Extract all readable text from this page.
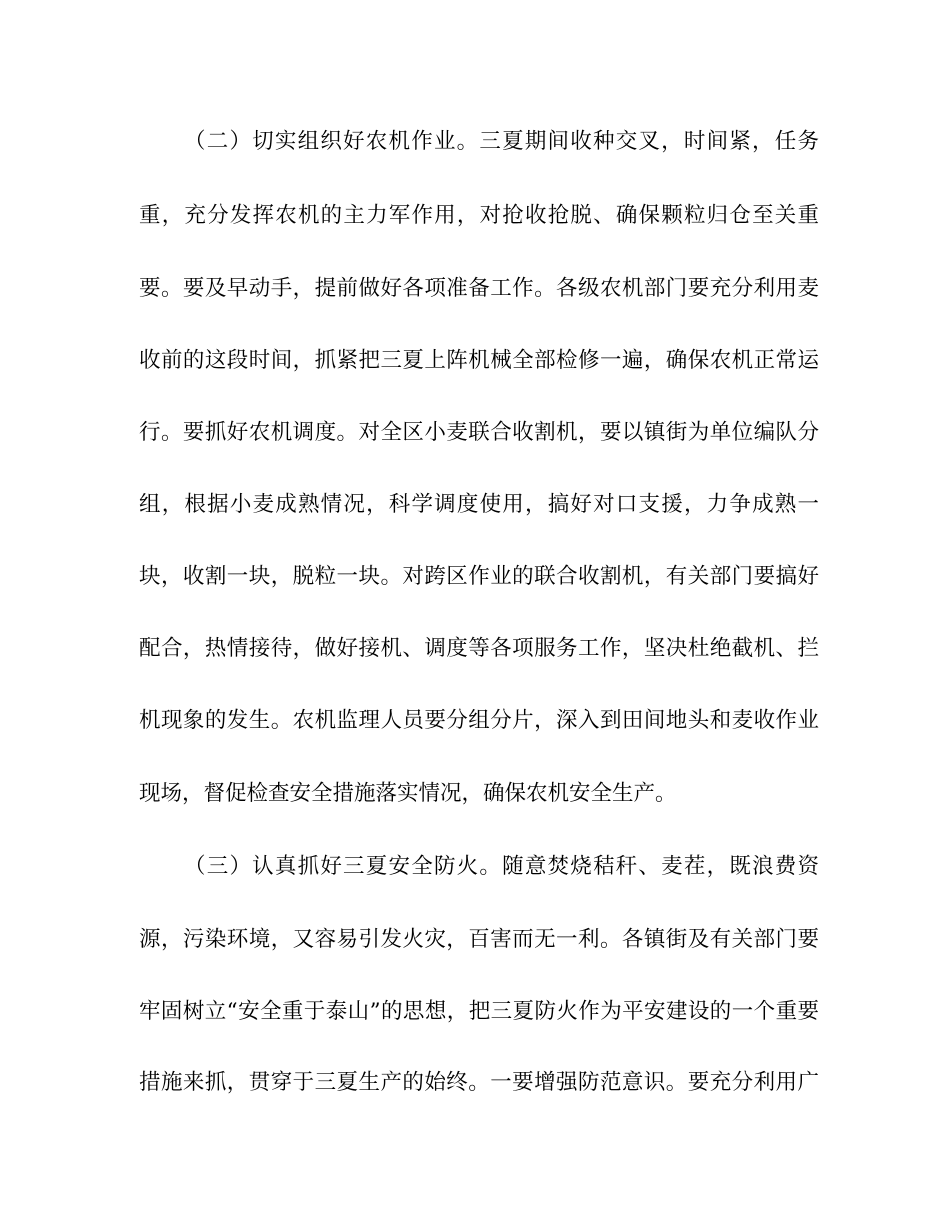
（二）切实组织好农机作业。三夏期间收种交叉，时间紧，任务
重，充分发挥农机的主力军作用，对抢收抢脱、确保颗粒归仓至关重
要。要及早动手，提前做好各项准备工作。各级农机部门要充分利用麦
收前的这段时间，抓紧把三夏上阵机械全部检修一遍，确保农机正常运
行。要抓好农机调度。对全区小麦联合收割机，要以镇街为单位编队分
组，根据小麦成熟情况，科学调度使用，搞好对口支援，力争成熟一
块，收割一块，脱粒一块。对跨区作业的联合收割机，有关部门要搞好
配合，热情接待，做好接机、调度等各项服务工作，坚决杜绝截机、拦
机现象的发生。农机监理人员要分组分片，深入到田间地头和麦收作业
现场，督促检查安全措施落实情况，确保农机安全生产。
（三）认真抓好三夏安全防火。随意焚烧秸秆、麦茬，既浪费资
源，污染环境，又容易引发火灾，百害而无一利。各镇街及有关部门要
牢固树立“安全重于泰山”的思想，把三夏防火作为平安建设的一个重要
措施来抓，贯穿于三夏生产的始终。一要增强防范意识。要充分利用广
